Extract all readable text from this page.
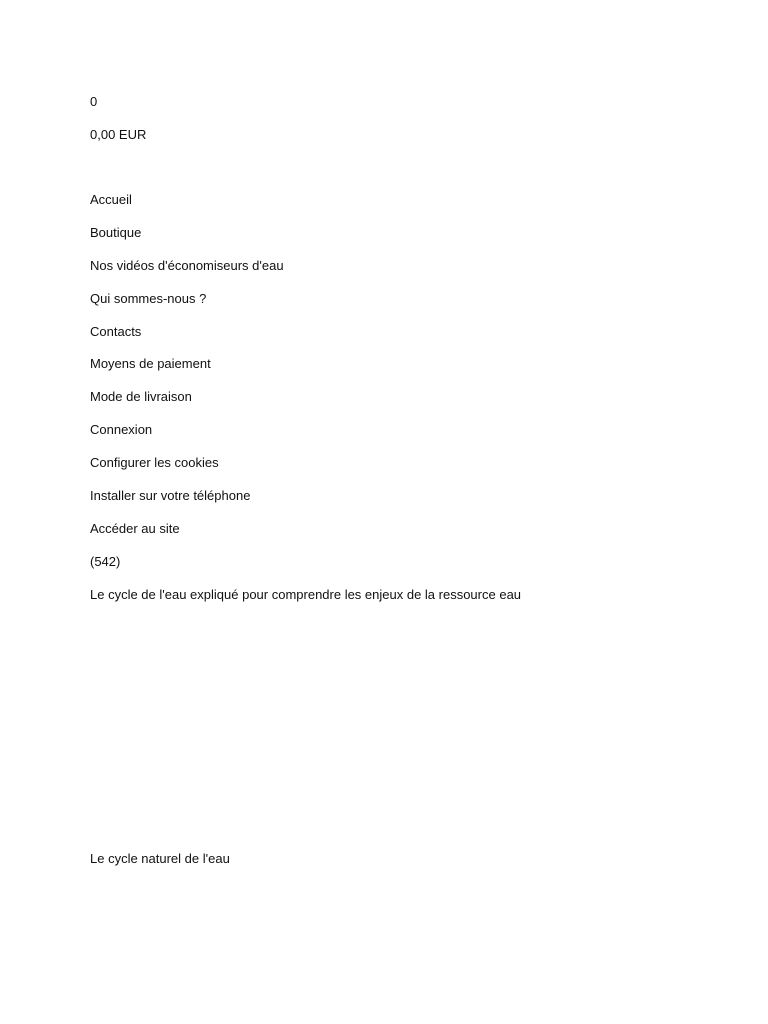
0
0,00 EUR
Accueil
Boutique
Nos vidéos d'économiseurs d'eau
Qui sommes-nous ?
Contacts
Moyens de paiement
Mode de livraison
Connexion
Configurer les cookies
Installer sur votre téléphone
Accéder au site
(542)
Le cycle de l'eau expliqué pour comprendre les enjeux de la ressource eau
Le cycle naturel de l'eau
